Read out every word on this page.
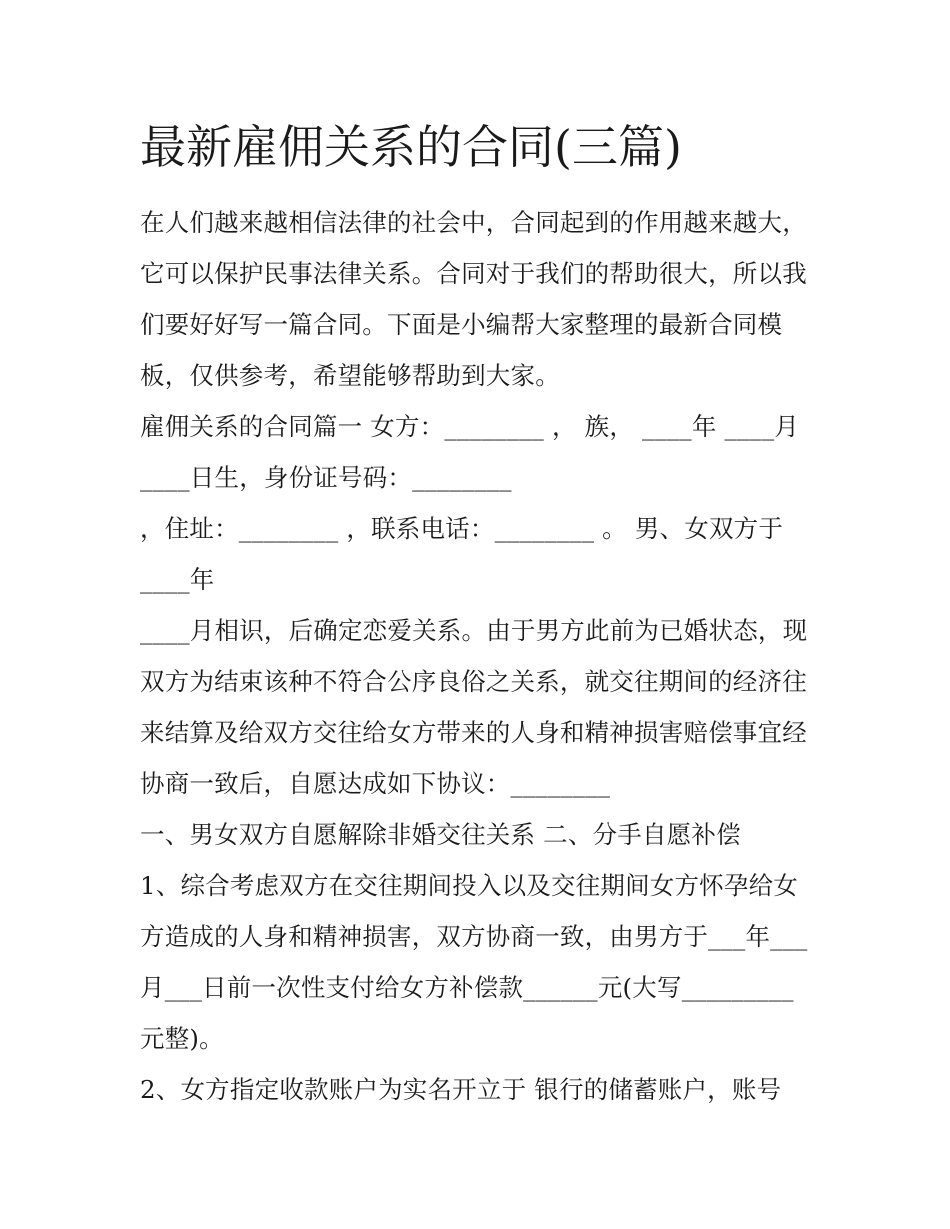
最新雇佣关系的合同(三篇)
在人们越来越相信法律的社会中，合同起到的作用越来越大，
它可以保护民事法律关系。合同对于我们的帮助很大，所以我
们要好好写一篇合同。下面是小编帮大家整理的最新合同模
板，仅供参考，希望能够帮助到大家。
雇佣关系的合同篇一 女方：________ ， 族， ____年 ____月
____日生，身份证号码：________
，住址：________ ，联系电话：________ 。 男、女双方于
____年
____月相识，后确定恋爱关系。由于男方此前为已婚状态，现
双方为结束该种不符合公序良俗之关系，就交往期间的经济往
来结算及给双方交往给女方带来的人身和精神损害赔偿事宜经
协商一致后，自愿达成如下协议：________
一、男女双方自愿解除非婚交往关系 二、分手自愿补偿
1、综合考虑双方在交往期间投入以及交往期间女方怀孕给女
方造成的人身和精神损害，双方协商一致，由男方于___年___
月___日前一次性支付给女方补偿款______元(大写_________
元整)。
2、女方指定收款账户为实名开立于 银行的储蓄账户，账号
